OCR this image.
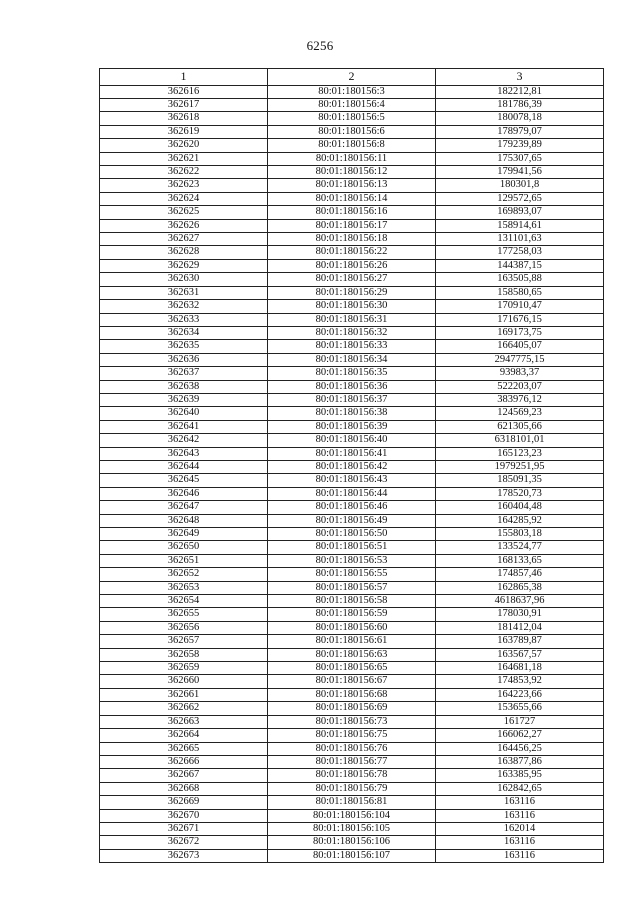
6256
1	2	3
362616	80:01:180156:3	182212,81
362617	80:01:180156:4	181786,39
362618	80:01:180156:5	180078,18
362619	80:01:180156:6	178979,07
362620	80:01:180156:8	179239,89
362621	80:01:180156:11	175307,65
362622	80:01:180156:12	179941,56
362623	80:01:180156:13	180301,8
362624	80:01:180156:14	129572,65
362625	80:01:180156:16	169893,07
362626	80:01:180156:17	158914,61
362627	80:01:180156:18	131101,63
362628	80:01:180156:22	177258,03
362629	80:01:180156:26	144387,15
362630	80:01:180156:27	163505,88
362631	80:01:180156:29	158580,65
362632	80:01:180156:30	170910,47
362633	80:01:180156:31	171676,15
362634	80:01:180156:32	169173,75
362635	80:01:180156:33	166405,07
362636	80:01:180156:34	2947775,15
362637	80:01:180156:35	93983,37
362638	80:01:180156:36	522203,07
362639	80:01:180156:37	383976,12
362640	80:01:180156:38	124569,23
362641	80:01:180156:39	621305,66
362642	80:01:180156:40	6318101,01
362643	80:01:180156:41	165123,23
362644	80:01:180156:42	1979251,95
362645	80:01:180156:43	185091,35
362646	80:01:180156:44	178520,73
362647	80:01:180156:46	160404,48
362648	80:01:180156:49	164285,92
362649	80:01:180156:50	155803,18
362650	80:01:180156:51	133524,77
362651	80:01:180156:53	168133,65
362652	80:01:180156:55	174857,46
362653	80:01:180156:57	162865,38
362654	80:01:180156:58	4618637,96
362655	80:01:180156:59	178030,91
362656	80:01:180156:60	181412,04
362657	80:01:180156:61	163789,87
362658	80:01:180156:63	163567,57
362659	80:01:180156:65	164681,18
362660	80:01:180156:67	174853,92
362661	80:01:180156:68	164223,66
362662	80:01:180156:69	153655,66
362663	80:01:180156:73	161727
362664	80:01:180156:75	166062,27
362665	80:01:180156:76	164456,25
362666	80:01:180156:77	163877,86
362667	80:01:180156:78	163385,95
362668	80:01:180156:79	162842,65
362669	80:01:180156:81	163116
362670	80:01:180156:104	163116
362671	80:01:180156:105	162014
362672	80:01:180156:106	163116
362673	80:01:180156:107	163116
